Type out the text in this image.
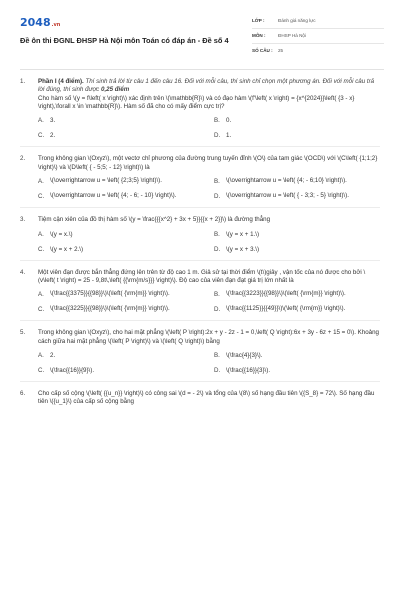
2048.vn
Đề ôn thi ĐGNL ĐHSP Hà Nội môn Toán có đáp án - Đề số 4
LỚP :	Đánh giá năng lực
MÔN :	ĐHSP Hà Nội
SỐ CÂU :	25
1.	Phần I (4 điểm). Thí sinh trả lời từ câu 1 đến câu 16. Đối với mỗi câu, thí sinh chỉ chọn một phương án. Đối với mỗi câu trả lời đúng, thí sinh được 0,25 điểm
Cho hàm số \(y = f\left( x \right)\) xác định trên \(\mathbb{R}\) và có đạo hàm \(f'\left( x \right) = {x^{2024}}\left( {3 - x} \right),\forall x \in \mathbb{R}\). Hàm số đã cho có mấy điểm cực trị?
A. 3.	B. 0.
C. 2.	D. 1.
2.	Trong không gian \(Oxyz\), một vectơ chỉ phương của đường trung tuyến đỉnh \(O\) của tam giác \(OCD\) với \(C\left( {1;1;2} \right)\) và \(D\left( { - 5;5; - 12} \right)\) là
A. \(\overrightarrow u = \left( {2;3;5} \right)\).	B. \(\overrightarrow u = \left( {4; - 6;10} \right)\).
C. \(\overrightarrow u = \left( {4; - 6; - 10} \right)\).	D. \(\overrightarrow u = \left( { - 3;3; - 5} \right)\).
3.	Tiệm cận xiên của đồ thị hàm số \(y = \frac{{{x^2} + 3x + 5}}{{x + 2}}\) là đường thẳng
A. \(y = x.\)	B. \(y = x + 1.\)
C. \(y = x + 2.\)	D. \(y = x + 3.\)
4.	Một viên đạn được bắn thẳng đứng lên trên từ độ cao 1 m. Giả sử tại thời điểm \(t\)giây , vận tốc của nó được cho bởi \(v\left( t \right) = 25 - 9,8t\,\left( {{\rm{m/s}}} \right)\). Độ cao của viên đạn đạt giá trị lớn nhất là
A. \(\frac{{3375}}{{98}}\)\(\left( {\rm{m}} \right)\).	B. \(\frac{{3223}}{{98}}\)\(\left( {\rm{m}} \right)\).
C. \(\frac{{3225}}{{98}}\)\(\left( {\rm{m}} \right)\).	D. \(\frac{{1125}}{{49}}\)\(\left( {\rm{m}} \right)\).
5.	Trong không gian \(Oxyz\), cho hai mặt phẳng \(\left( P \right):2x + y - 2z - 1 = 0,\left( Q \right):6x + 3y - 6z + 15 = 0\). Khoảng cách giữa hai mặt phẳng \(\left( P \right)\) và \(\left( Q \right)\) bằng
A. 2.	B. \(\frac{4}{3}\).
C. \(\frac{{16}}{9}\).	D. \(\frac{{16}}{3}\).
6.	Cho cấp số cộng \(\left( {{u_n}} \right)\) có công sai \(d = - 2\) và tổng của \(8\) số hạng đầu tiên \({S_8} = 72\). Số hạng đầu tiên \({u_1}\) của cấp số cộng bằng
